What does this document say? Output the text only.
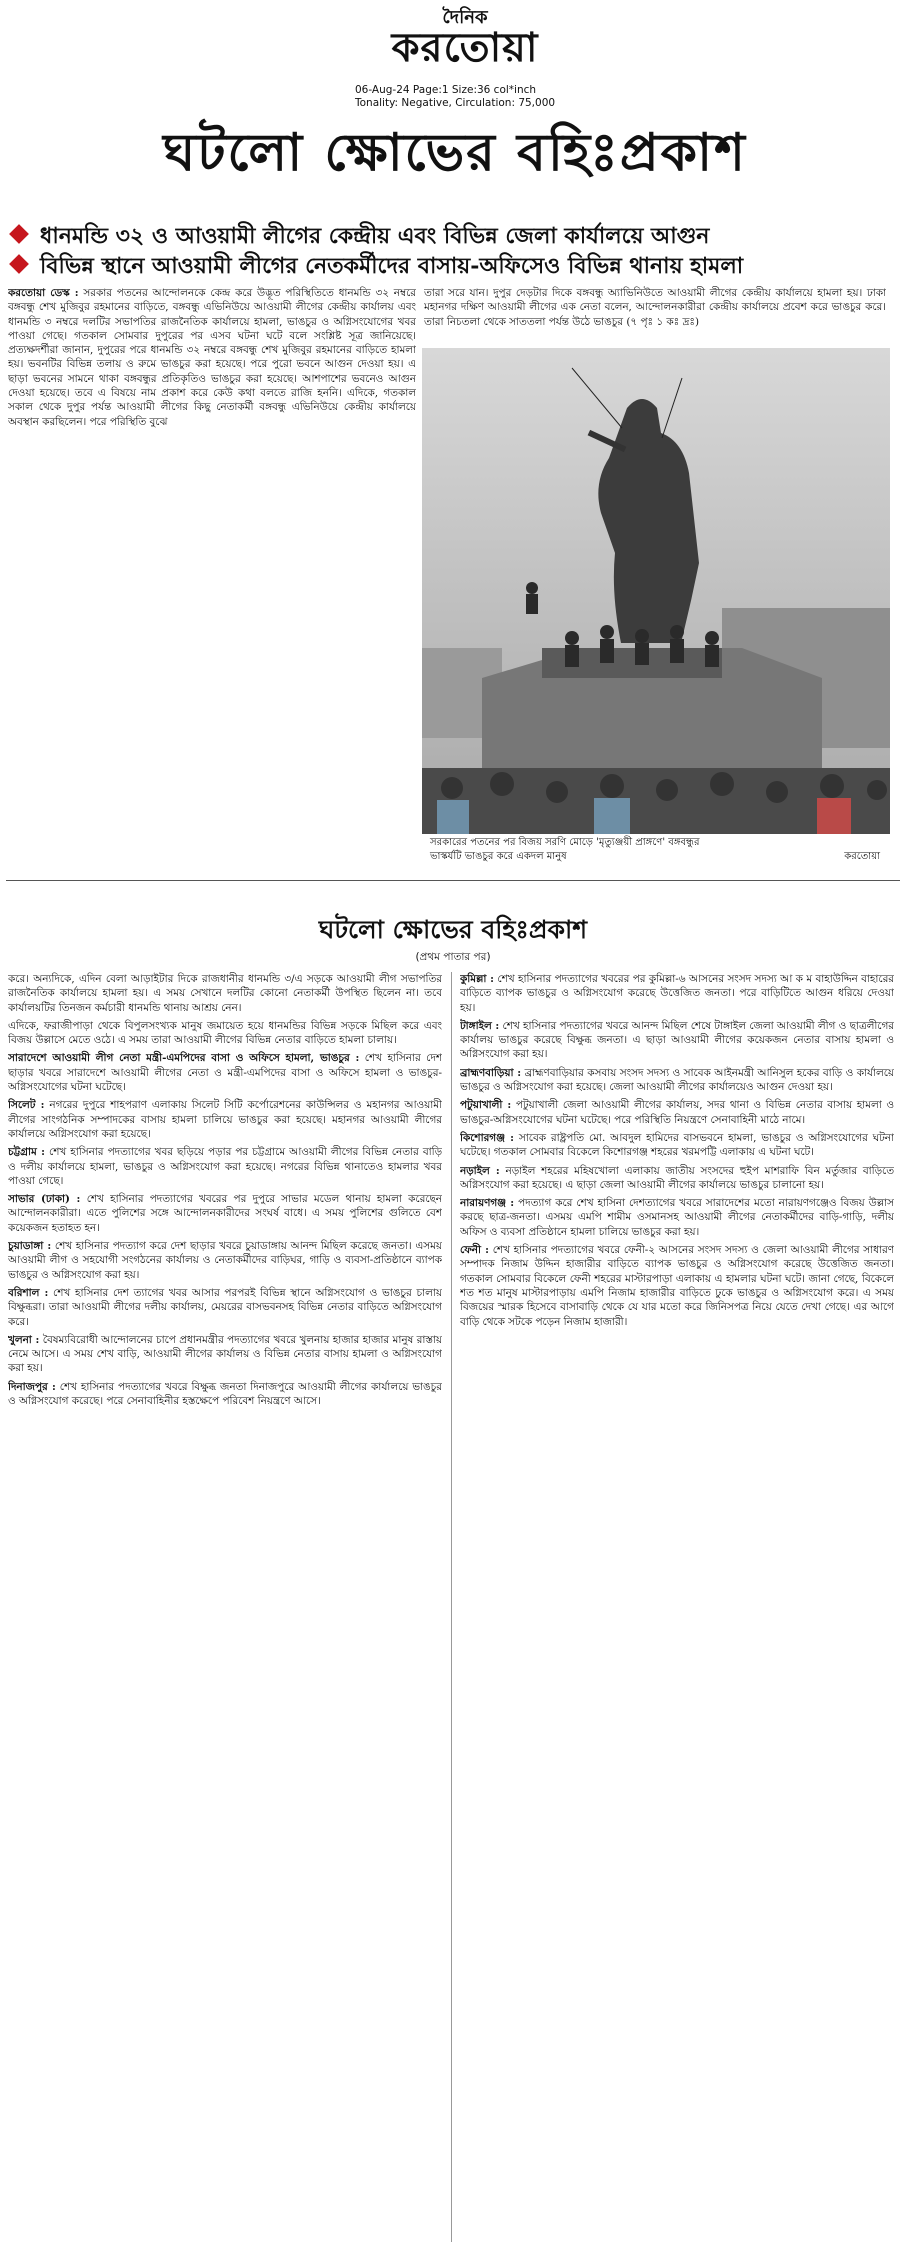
দৈনিক
করতোয়া
06-Aug-24 Page:1 Size:36 col*inch
Tonality: Negative, Circulation: 75,000
ঘটলো ক্ষোভের বহিঃপ্রকাশ
ধানমন্ডি ৩২ ও আওয়ামী লীগের কেন্দ্রীয় এবং বিভিন্ন জেলা কার্যালয়ে আগুন
বিভিন্ন স্থানে আওয়ামী লীগের নেতকর্মীদের বাসায়-অফিসেও বিভিন্ন থানায় হামলা
করতোয়া ডেস্ক : সরকার পতনের আন্দোলনকে কেন্দ্র করে উদ্ভূত পরিস্থিতিতে ধানমন্ডি ৩২ নম্বরে বঙ্গবন্ধু শেখ মুজিবুর রহমানের বাড়িতে, বঙ্গবন্ধু এভিনিউয়ে আওয়ামী লীগের কেন্দ্রীয় কার্যালয় এবং ধানমন্ডি ৩ নম্বরে দলটির সভাপতির রাজনৈতিক কার্যালয়ে হামলা, ভাঙচুর ও অগ্নিসংযোগের খবর পাওয়া গেছে। গতকাল সোমবার দুপুরের পর এসব ঘটনা ঘটে বলে সংশ্লিষ্ট সূত্র জানিয়েছে। প্রত্যক্ষদর্শীরা জানান, দুপুরের পরে ধানমন্ডি ৩২ নম্বরে বঙ্গবন্ধু শেখ মুজিবুর রহমানের বাড়িতে হামলা হয়। ভবনটির বিভিন্ন তলায় ও রুমে ভাঙচুর করা হয়েছে। পরে পুরো ভবনে আগুন দেওয়া হয়। এ ছাড়া ভবনের সামনে থাকা বঙ্গবন্ধুর প্রতিকৃতিও ভাঙচুর করা হয়েছে। আশপাশের ভবনেও আগুন দেওয়া হয়েছে। তবে এ বিষয়ে নাম প্রকাশ করে কেউ কথা বলতে রাজি হননি। এদিকে, গতকাল সকাল থেকে দুপুর পর্যন্ত আওয়ামী লীগের কিছু নেতাকর্মী বঙ্গবন্ধু এভিনিউয়ে কেন্দ্রীয় কার্যালয়ে অবস্থান করছিলেন। পরে পরিস্থিতি বুঝে
তারা সরে যান। দুপুর দেড়টার দিকে বঙ্গবন্ধু অ্যাভিনিউতে আওয়ামী লীগের কেন্দ্রীয় কার্যালয়ে হামলা হয়। ঢাকা মহানগর দক্ষিণ আওয়ামী লীগের এক নেতা বলেন, আন্দোলনকারীরা কেন্দ্রীয় কার্যালয়ে প্রবেশ করে ভাঙচুর করে। তারা নিচতলা থেকে সাততলা পর্যন্ত উঠে ভাঙচুর (৭ পৃঃ ১ কঃ দ্রঃ)
সরকারের পতনের পর বিজয় সরণি মোড়ে 'মৃত্যুঞ্জয়ী প্রাঙ্গণে' বঙ্গবন্ধুর
ভাস্কর্যটি ভাঙচুর করে একদল মানুষ	করতোয়া
ঘটলো ক্ষোভের বহিঃপ্রকাশ
(প্রথম পাতার পর)

করে। অন্যদিকে, এদিন বেলা আড়াইটার দিকে রাজধানীর ধানমন্ডি ৩/এ সড়কে আওয়ামী লীগ সভাপতির রাজনৈতিক কার্যালয়ে হামলা হয়। এ সময় সেখানে দলটির কোনো নেতাকর্মী উপস্থিত ছিলেন না। তবে কার্যালয়টির তিনজন কর্মচারী ধানমন্ডি থানায় আশ্রয় নেন।

এদিকে, ফরাজীপাড়া থেকে বিপুলসংখ্যক মানুষ জমায়েত হয়ে ধানমন্ডির বিভিন্ন সড়কে মিছিল করে এবং বিজয় উল্লাসে মেতে ওঠে। এ সময় তারা আওয়ামী লীগের বিভিন্ন নেতার বাড়িতে হামলা চালায়।

সারাদেশে আওয়ামী লীগ নেতা মন্ত্রী-এমপিদের বাসা ও অফিসে হামলা, ভাঙচুর : শেখ হাসিনার দেশ ছাড়ার খবরে সারাদেশে আওয়ামী লীগের নেতা ও মন্ত্রী-এমপিদের বাসা ও অফিসে হামলা ও ভাঙচুর-অগ্নিসংযোগের ঘটনা ঘটেছে।

সিলেট : নগরের দুপুরে শাহপরাণ এলাকায় সিলেট সিটি কর্পোরেশনের কাউন্সিলর ও মহানগর আওয়ামী লীগের সাংগঠনিক সম্পাদকের বাসায় হামলা চালিয়ে ভাঙচুর করা হয়েছে। মহানগর আওয়ামী লীগের কার্যালয়ে অগ্নিসংযোগ করা হয়েছে।

চট্টগ্রাম : শেখ হাসিনার পদত্যাগের খবর ছড়িয়ে পড়ার পর চট্টগ্রামে আওয়ামী লীগের বিভিন্ন নেতার বাড়ি ও দলীয় কার্যালয়ে হামলা, ভাঙচুর ও অগ্নিসংযোগ করা হয়েছে। নগরের বিভিন্ন থানাতেও হামলার খবর পাওয়া গেছে।

সাভার (ঢাকা) : শেখ হাসিনার পদত্যাগের খবরের পর দুপুরে সাভার মডেল থানায় হামলা করেছেন আন্দোলনকারীরা। এতে পুলিশের সঙ্গে আন্দোলনকারীদের সংঘর্ষ বাধে। এ সময় পুলিশের গুলিতে বেশ কয়েকজন হতাহত হন।

চুয়াডাঙ্গা : শেখ হাসিনার পদত্যাগ করে দেশ ছাড়ার খবরে চুয়াডাঙ্গায় আনন্দ মিছিল করেছে জনতা। এসময় আওয়ামী লীগ ও সহযোগী সংগঠনের কার্যালয় ও নেতাকর্মীদের বাড়িঘর, গাড়ি ও ব্যবসা-প্রতিষ্ঠানে ব্যাপক ভাঙচুর ও অগ্নিসংযোগ করা হয়।

বরিশাল : শেখ হাসিনার দেশ ত্যাগের খবর আসার পরপরই বিভিন্ন স্থানে অগ্নিসংযোগ ও ভাঙচুর চালায় বিক্ষুব্ধরা। তারা আওয়ামী লীগের দলীয় কার্যালয়, মেয়রের বাসভবনসহ বিভিন্ন নেতার বাড়িতে অগ্নিসংযোগ করে।

খুলনা : বৈষম্যবিরোধী আন্দোলনের চাপে প্রধানমন্ত্রীর পদত্যাগের খবরে খুলনায় হাজার হাজার মানুষ রাস্তায় নেমে আসে। এ সময় শেখ বাড়ি, আওয়ামী লীগের কার্যালয় ও বিভিন্ন নেতার বাসায় হামলা ও অগ্নিসংযোগ করা হয়।

দিনাজপুর : শেখ হাসিনার পদত্যাগের খবরে বিক্ষুব্ধ জনতা দিনাজপুরে আওয়ামী লীগের কার্যালয়ে ভাঙচুর ও অগ্নিসংযোগ করেছে। পরে সেনাবাহিনীর হস্তক্ষেপে পরিবেশ নিয়ন্ত্রণে আসে।

কুমিল্লা : শেখ হাসিনার পদত্যাগের খবরের পর কুমিল্লা-৬ আসনের সংসদ সদস্য আ ক ম বাহাউদ্দিন বাহারের বাড়িতে ব্যাপক ভাঙচুর ও অগ্নিসংযোগ করেছে উত্তেজিত জনতা। পরে বাড়িটিতে আগুন ধরিয়ে দেওয়া হয়।

টাঙ্গাইল : শেখ হাসিনার পদত্যাগের খবরে আনন্দ মিছিল শেষে টাঙ্গাইল জেলা আওয়ামী লীগ ও ছাত্রলীগের কার্যালয় ভাঙচুর করেছে বিক্ষুব্ধ জনতা। এ ছাড়া আওয়ামী লীগের কয়েকজন নেতার বাসায় হামলা ও অগ্নিসংযোগ করা হয়।

ব্রাহ্মণবাড়িয়া : ব্রাহ্মণবাড়িয়ার কসবায় সংসদ সদস্য ও সাবেক আইনমন্ত্রী আনিসুল হকের বাড়ি ও কার্যালয়ে ভাঙচুর ও অগ্নিসংযোগ করা হয়েছে। জেলা আওয়ামী লীগের কার্যালয়েও আগুন দেওয়া হয়।

পটুয়াখালী : পটুয়াখালী জেলা আওয়ামী লীগের কার্যালয়, সদর থানা ও বিভিন্ন নেতার বাসায় হামলা ও ভাঙচুর-অগ্নিসংযোগের ঘটনা ঘটেছে। পরে পরিস্থিতি নিয়ন্ত্রণে সেনাবাহিনী মাঠে নামে।

কিশোরগঞ্জ : সাবেক রাষ্ট্রপতি মো. আবদুল হামিদের বাসভবনে হামলা, ভাঙচুর ও অগ্নিসংযোগের ঘটনা ঘটেছে। গতকাল সোমবার বিকেলে কিশোরগঞ্জ শহরের খরমপট্টি এলাকায় এ ঘটনা ঘটে।

নড়াইল : নড়াইল শহরের মহিষখোলা এলাকায় জাতীয় সংসদের হুইপ মাশরাফি বিন মর্তুজার বাড়িতে অগ্নিসংযোগ করা হয়েছে। এ ছাড়া জেলা আওয়ামী লীগের কার্যালয়ে ভাঙচুর চালানো হয়।

নারায়ণগঞ্জ : পদত্যাগ করে শেখ হাসিনা দেশত্যাগের খবরে সারাদেশের মতো নারায়ণগঞ্জেও বিজয় উল্লাস করছে ছাত্র-জনতা। এসময় এমপি শামীম ওসমানসহ আওয়ামী লীগের নেতাকর্মীদের বাড়ি-গাড়ি, দলীয় অফিস ও ব্যবসা প্রতিষ্ঠানে হামলা চালিয়ে ভাঙচুর করা হয়।

ফেনী : শেখ হাসিনার পদত্যাগের খবরে ফেনী-২ আসনের সংসদ সদস্য ও জেলা আওয়ামী লীগের সাধারণ সম্পাদক নিজাম উদ্দিন হাজারীর বাড়িতে ব্যাপক ভাঙচুর ও অগ্নিসংযোগ করেছে উত্তেজিত জনতা। গতকাল সোমবার বিকেলে ফেনী শহরের মাস্টারপাড়া এলাকায় এ হামলার ঘটনা ঘটে। জানা গেছে, বিকেলে শত শত মানুষ মাস্টারপাড়ায় এমপি নিজাম হাজারীর বাড়িতে ঢুকে ভাঙচুর ও অগ্নিসংযোগ করে। এ সময় বিজয়ের স্মারক হিসেবে বাসাবাড়ি থেকে যে যার মতো করে জিনিসপত্র নিয়ে যেতে দেখা গেছে। এর আগে বাড়ি থেকে সটকে পড়েন নিজাম হাজারী।
